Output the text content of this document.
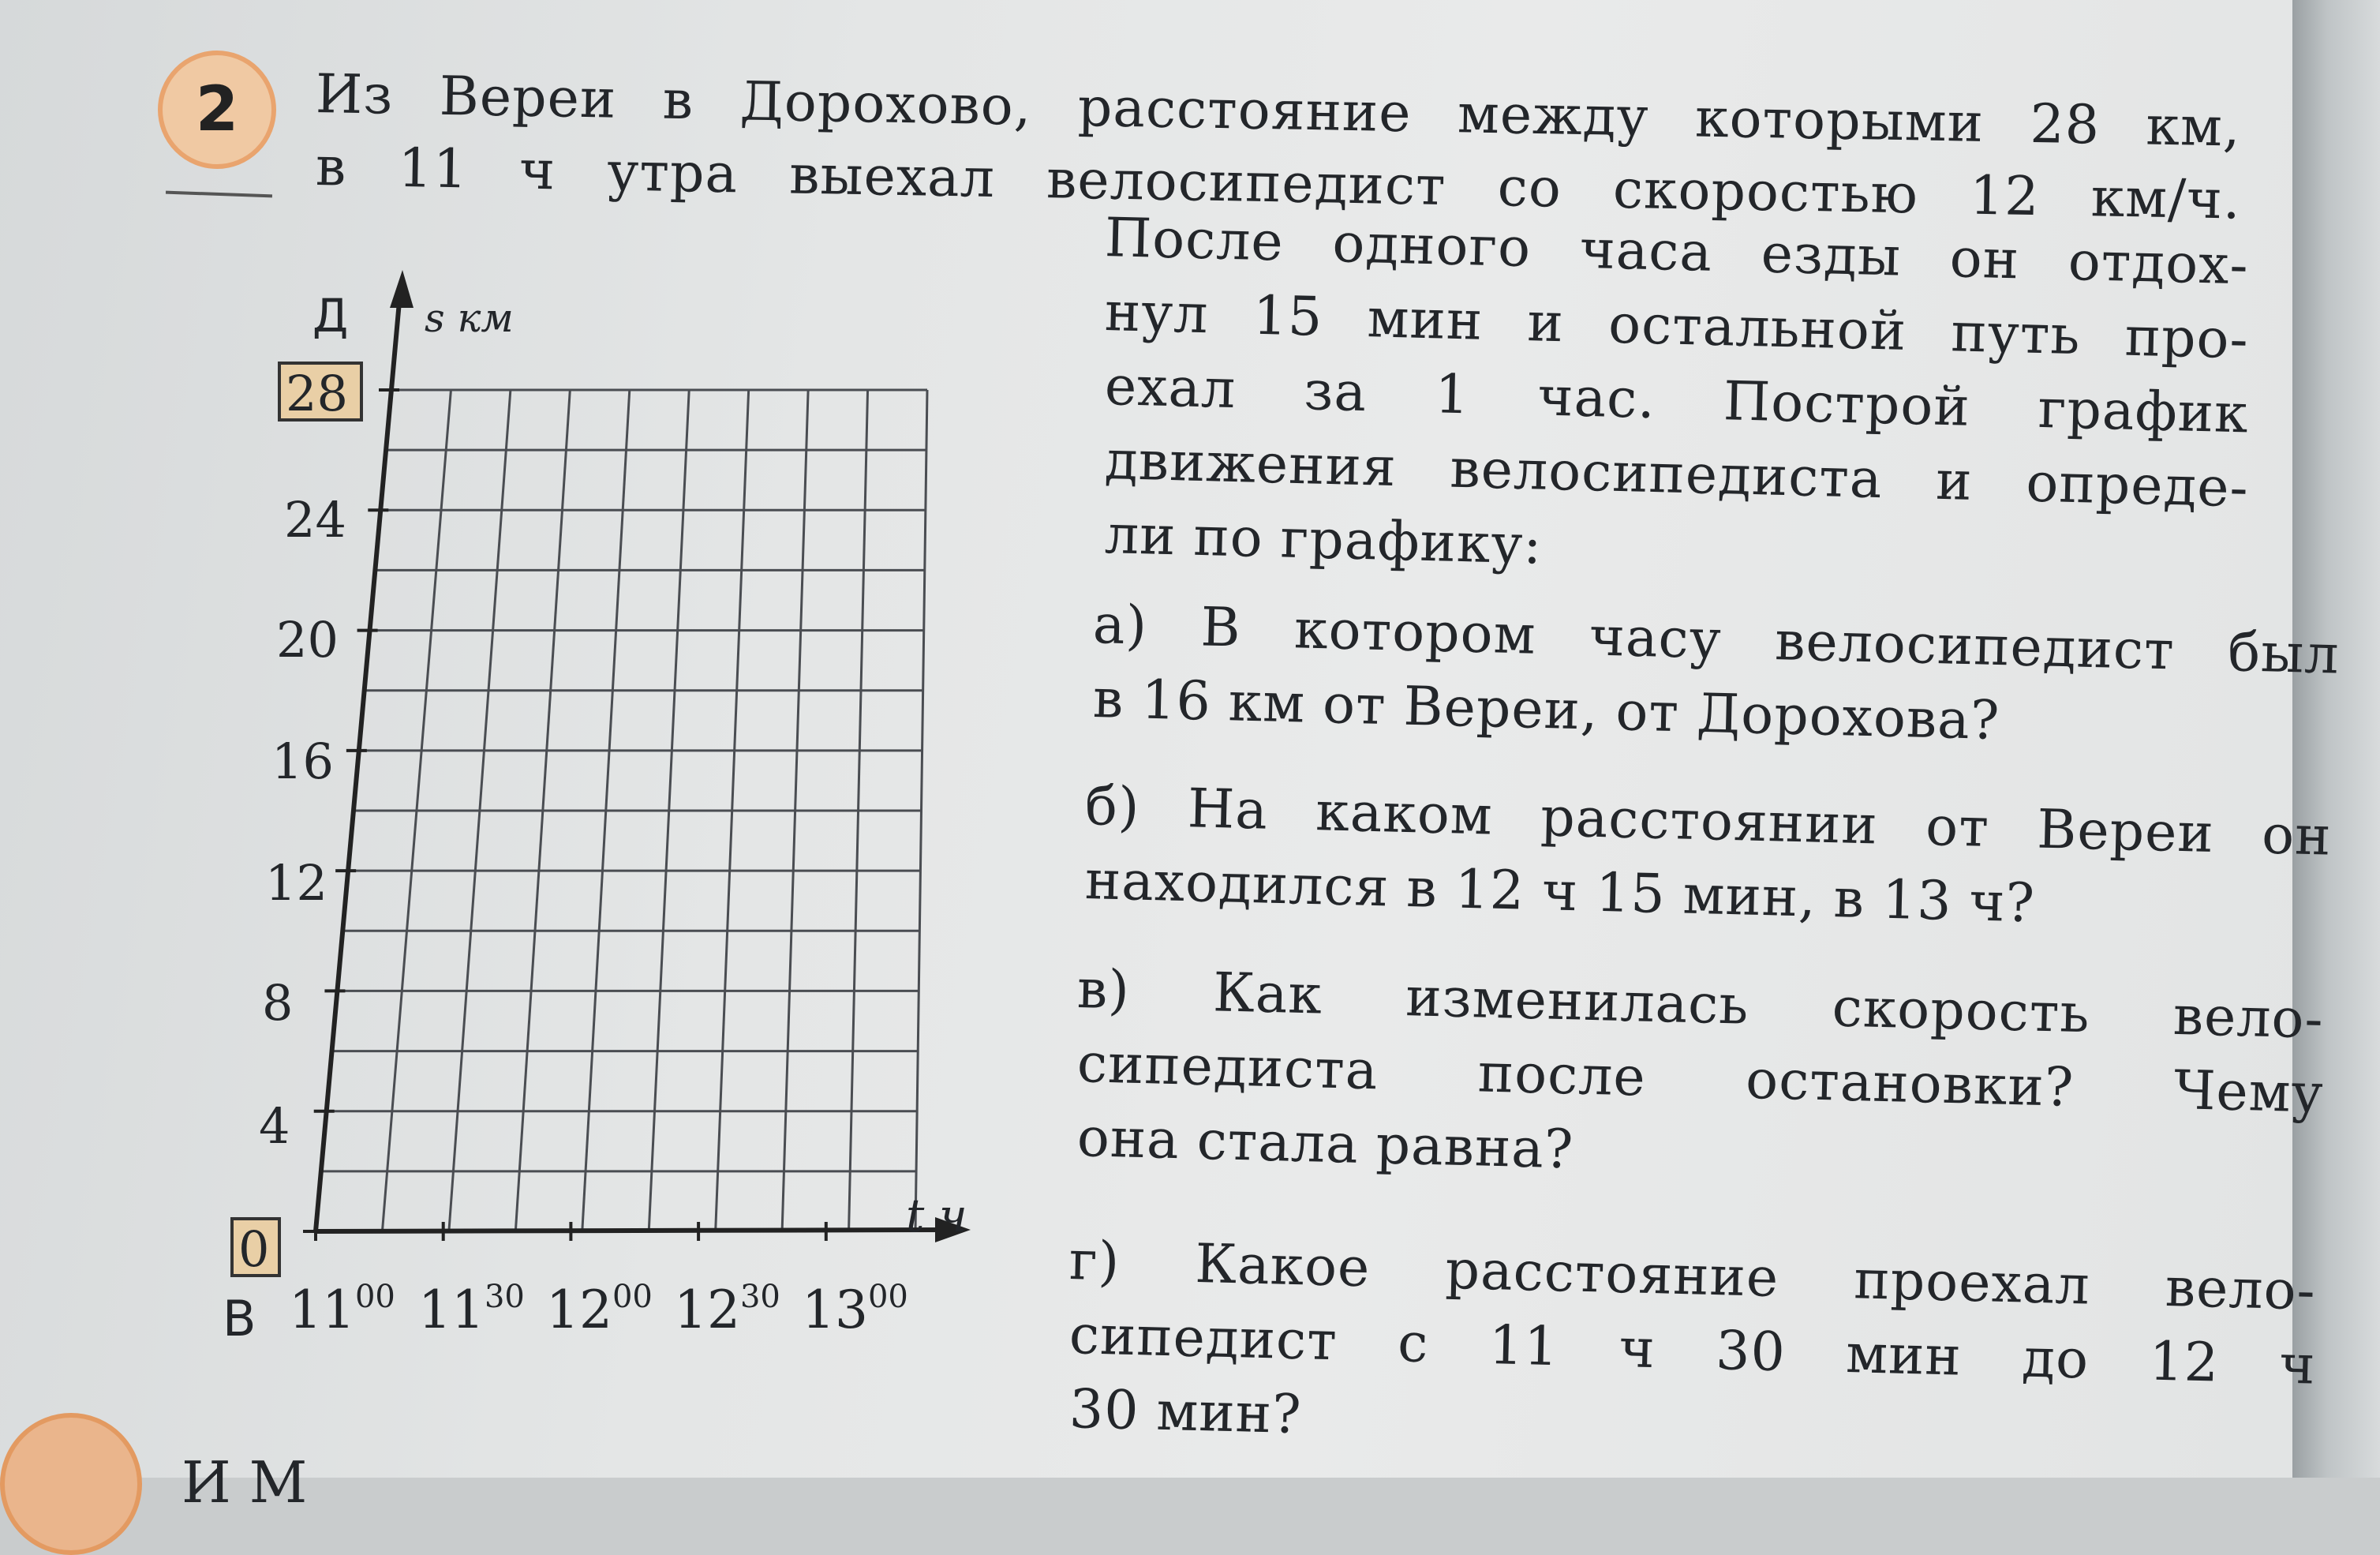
2 Из Вереи в Дорохово, расстояние между которыми 28 км,
в 11 ч утра выехал велосипедист со скоростью 12 км/ч.
После одного часа езды он отдох-
нул 15 мин и остальной путь про-
ехал за 1 час. Построй график
движения велосипедиста и опреде-
ли по графику:
а) В котором часу велосипедист был
в 16 км от Вереи, от Дорохова?
б) На каком расстоянии от Вереи он
находился в 12 ч 15 мин, в 13 ч?
в) Как изменилась скорость вело-
сипедиста после остановки? Чему
она стала равна?
г) Какое расстояние проехал вело-
сипедист с 11 ч 30 мин до 12 ч
30 мин?
28
24
20
16
12
8
4
0
Д s км
t ч
В $11^{00}$ $11^{30}$ $12^{00}$ $12^{30}$ $13^{00}$
И М
